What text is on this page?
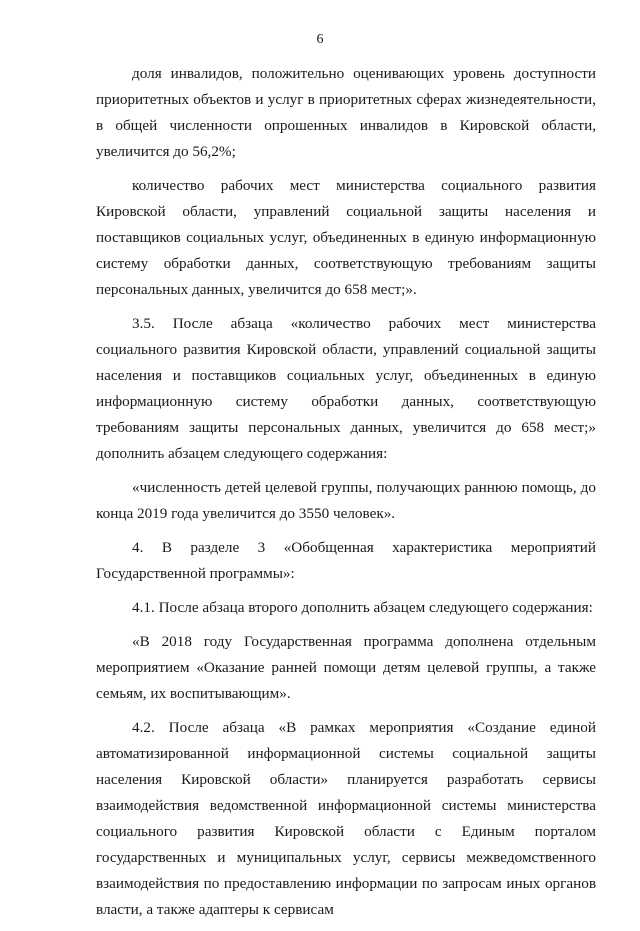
6

доля инвалидов, положительно оценивающих уровень доступности приоритетных объектов и услуг в приоритетных сферах жизнедеятельности, в общей численности опрошенных инвалидов в Кировской области, увеличится до 56,2%;

количество рабочих мест министерства социального развития Кировской области, управлений социальной защиты населения и поставщиков социальных услуг, объединенных в единую информационную систему обработки данных, соответствующую требованиям защиты персональных данных, увеличится до 658 мест;».

3.5. После абзаца «количество рабочих мест министерства социального развития Кировской области, управлений социальной защиты населения и поставщиков социальных услуг, объединенных в единую информационную систему обработки данных, соответствующую требованиям защиты персональных данных, увеличится до 658 мест;» дополнить абзацем следующего содержания:

«численность детей целевой группы, получающих раннюю помощь, до конца 2019 года увеличится до 3550 человек».

4. В разделе 3 «Обобщенная характеристика мероприятий Государственной программы»:

4.1. После абзаца второго дополнить абзацем следующего содержания:

«В 2018 году Государственная программа дополнена отдельным мероприятием «Оказание ранней помощи детям целевой группы, а также семьям, их воспитывающим».

4.2. После абзаца «В рамках мероприятия «Создание единой автоматизированной информационной системы социальной защиты населения Кировской области» планируется разработать сервисы взаимодействия ведомственной информационной системы министерства социального развития Кировской области с Единым порталом государственных и муниципальных услуг, сервисы межведомственного взаимодействия по предоставлению информации по запросам иных органов власти, а также адаптеры к сервисам
